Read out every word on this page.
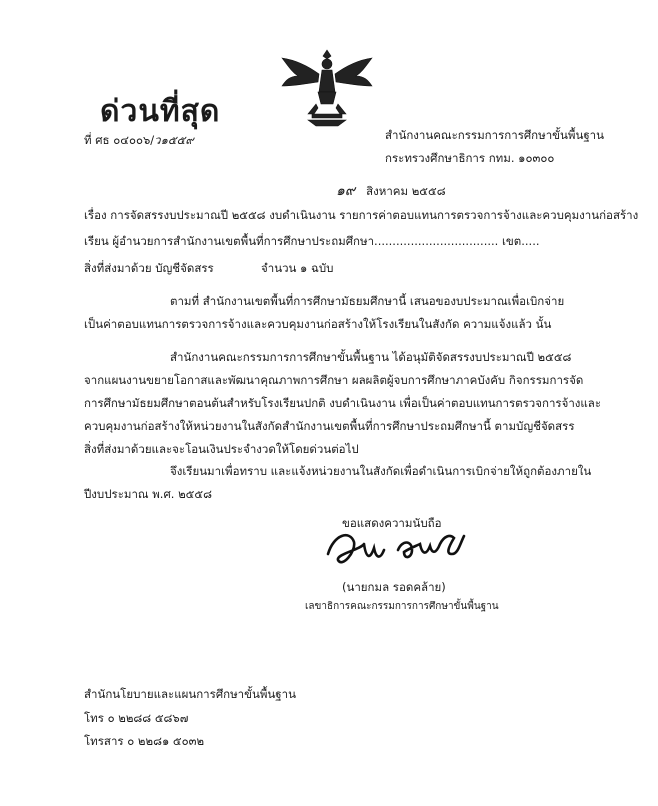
ด่วนที่สุด
ที่ ศธ ๐๔๐๐๖/ว๑๕๕๙	สำนักงานคณะกรรมการการศึกษาขั้นพื้นฐาน
กระทรวงศึกษาธิการ กทม. ๑๐๓๐๐
๑๙ สิงหาคม ๒๕๕๘
เรื่อง การจัดสรรงบประมาณปี ๒๕๕๘ งบดำเนินงาน รายการค่าตอบแทนการตรวจการจ้างและควบคุมงานก่อสร้าง
เรียน ผู้อำนวยการสำนักงานเขตพื้นที่การศึกษาประถมศึกษา.................................. เขต.....
สิ่งที่ส่งมาด้วย บัญชีจัดสรร	จำนวน ๑ ฉบับ
ตามที่ สำนักงานเขตพื้นที่การศึกษามัธยมศึกษานี้ เสนอของบประมาณเพื่อเบิกจ่าย
เป็นค่าตอบแทนการตรวจการจ้างและควบคุมงานก่อสร้างให้โรงเรียนในสังกัด ความแจ้งแล้ว นั้น
สำนักงานคณะกรรมการการศึกษาขั้นพื้นฐาน ได้อนุมัติจัดสรรงบประมาณปี ๒๕๕๘
จากแผนงานขยายโอกาสและพัฒนาคุณภาพการศึกษา ผลผลิตผู้จบการศึกษาภาคบังคับ กิจกรรมการจัด
การศึกษามัธยมศึกษาตอนต้นสำหรับโรงเรียนปกติ งบดำเนินงาน เพื่อเป็นค่าตอบแทนการตรวจการจ้างและ
ควบคุมงานก่อสร้างให้หน่วยงานในสังกัดสำนักงานเขตพื้นที่การศึกษาประถมศึกษานี้ ตามบัญชีจัดสรร
สิ่งที่ส่งมาด้วยและจะโอนเงินประจำงวดให้โดยด่วนต่อไป
จึงเรียนมาเพื่อทราบ และแจ้งหน่วยงานในสังกัดเพื่อดำเนินการเบิกจ่ายให้ถูกต้องภายใน
ปีงบประมาณ พ.ศ. ๒๕๕๘
ขอแสดงความนับถือ
(นายกมล รอดคล้าย)
เลขาธิการคณะกรรมการการศึกษาขั้นพื้นฐาน
สำนักนโยบายและแผนการศึกษาขั้นพื้นฐาน
โทร ๐ ๒๒๘๘ ๕๘๖๗
โทรสาร ๐ ๒๒๘๑ ๕๐๓๒
